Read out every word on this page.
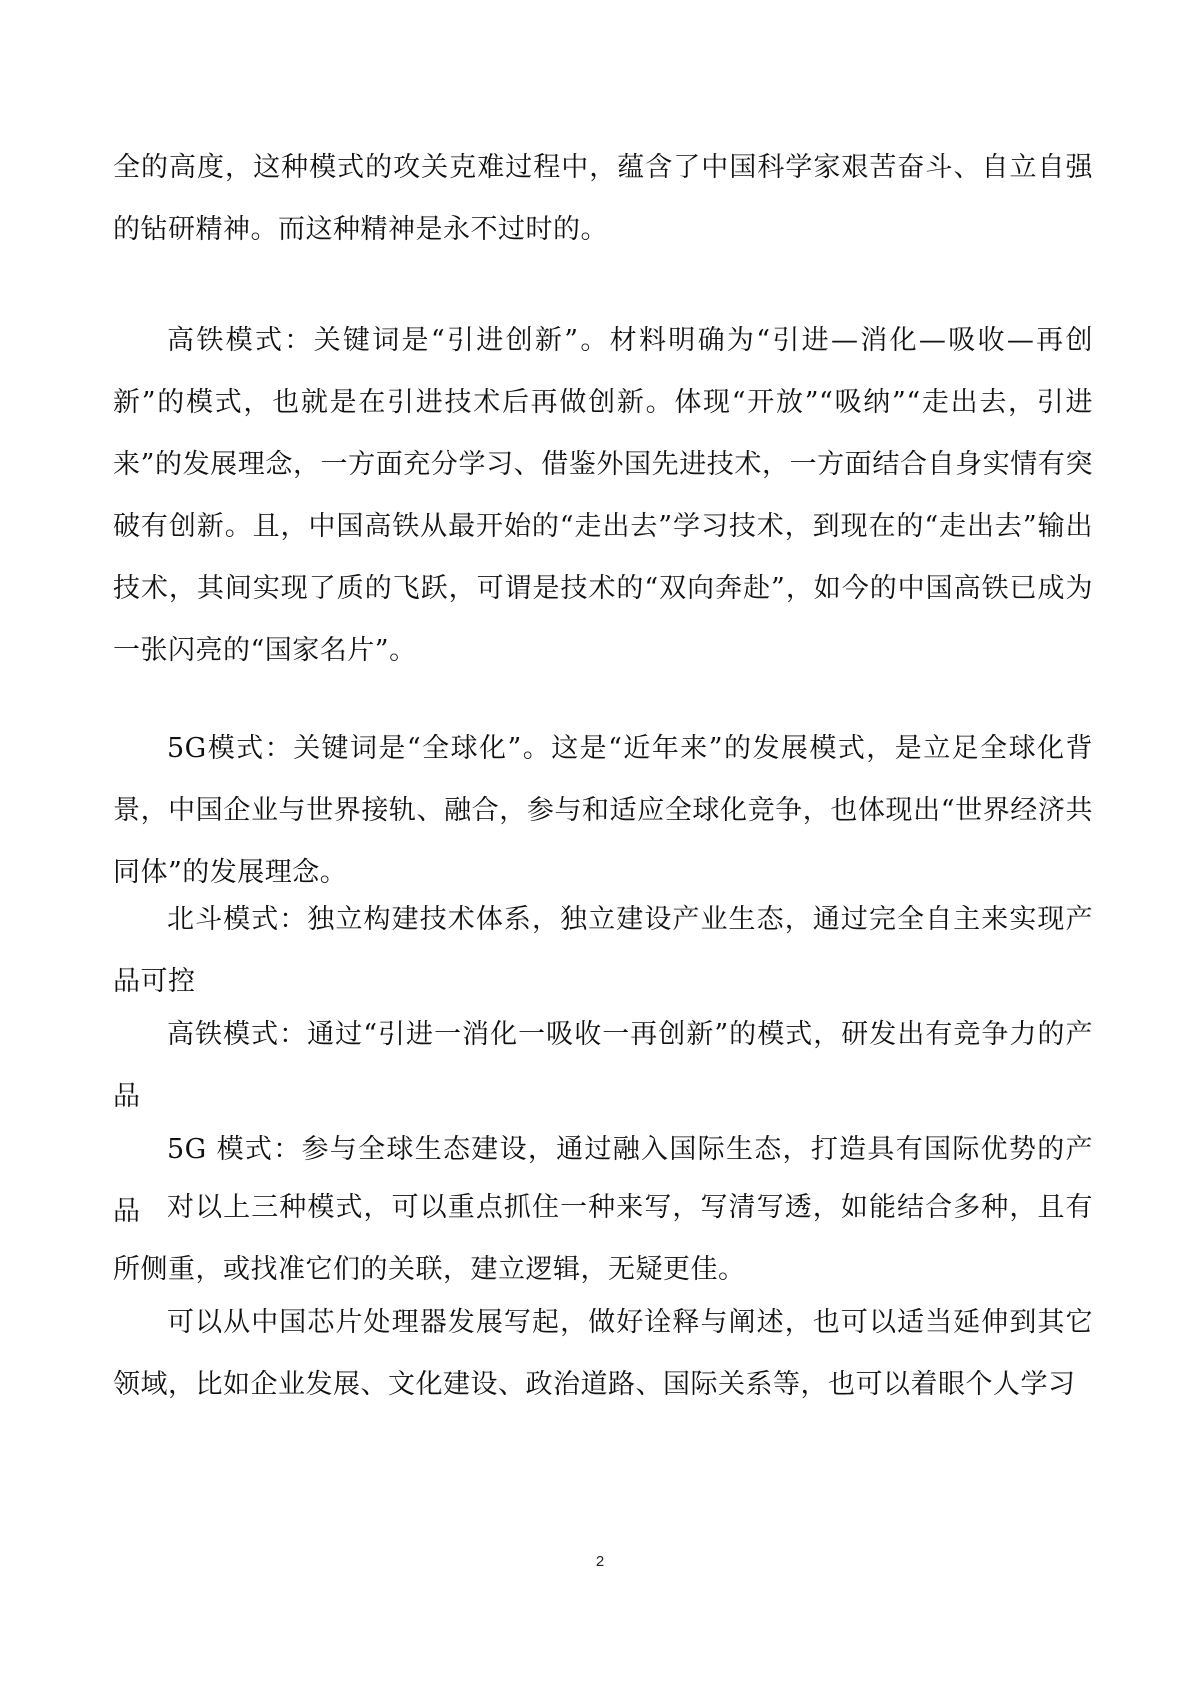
全的高度，这种模式的攻关克难过程中，蕴含了中国科学家艰苦奋斗、自立自强的钻研精神。而这种精神是永不过时的。

高铁模式：关键词是“引进创新”。材料明确为“引进—消化—吸收—再创新”的模式，也就是在引进技术后再做创新。体现“开放”“吸纳”“走出去，引进来”的发展理念，一方面充分学习、借鉴外国先进技术，一方面结合自身实情有突破有创新。且，中国高铁从最开始的“走出去”学习技术，到现在的“走出去”输出技术，其间实现了质的飞跃，可谓是技术的“双向奔赴”，如今的中国高铁已成为一张闪亮的“国家名片”。

5G模式：关键词是“全球化”。这是“近年来”的发展模式，是立足全球化背景，中国企业与世界接轨、融合，参与和适应全球化竞争，也体现出“世界经济共同体”的发展理念。

北斗模式：独立构建技术体系，独立建设产业生态，通过完全自主来实现产品可控

高铁模式：通过“引进一消化一吸收一再创新”的模式，研发出有竞争力的产品

5G 模式：参与全球生态建设，通过融入国际生态，打造具有国际优势的产品 对以上三种模式，可以重点抓住一种来写，写清写透，如能结合多种，且有所侧重，或找准它们的关联，建立逻辑，无疑更佳。

可以从中国芯片处理器发展写起，做好诠释与阐述，也可以适当延伸到其它领域，比如企业发展、文化建设、政治道路、国际关系等，也可以着眼个人学习

2
